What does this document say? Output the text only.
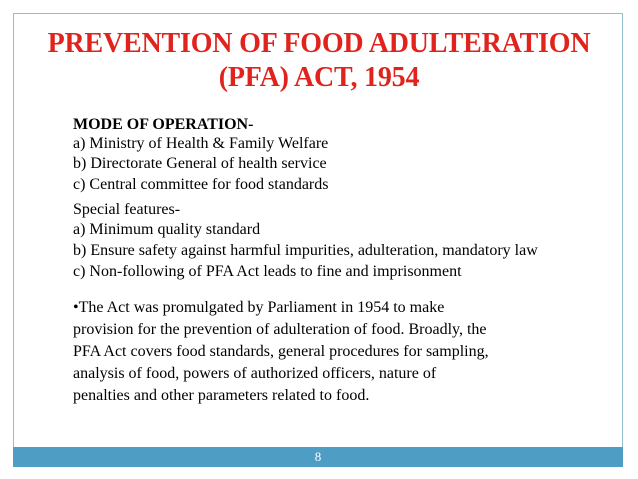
PREVENTION OF FOOD ADULTERATION
(PFA) ACT, 1954
MODE OF OPERATION-
a) Ministry of Health & Family Welfare
b) Directorate General of health service
c) Central committee for food standards
Special features-
a) Minimum quality standard
b) Ensure safety against harmful impurities, adulteration, mandatory law
c) Non-following of PFA Act leads to fine and imprisonment
•The Act was promulgated by Parliament in 1954 to make
provision for the prevention of adulteration of food. Broadly, the
PFA Act covers food standards, general procedures for sampling,
analysis of food, powers of authorized officers, nature of
penalties and other parameters related to food.
8
